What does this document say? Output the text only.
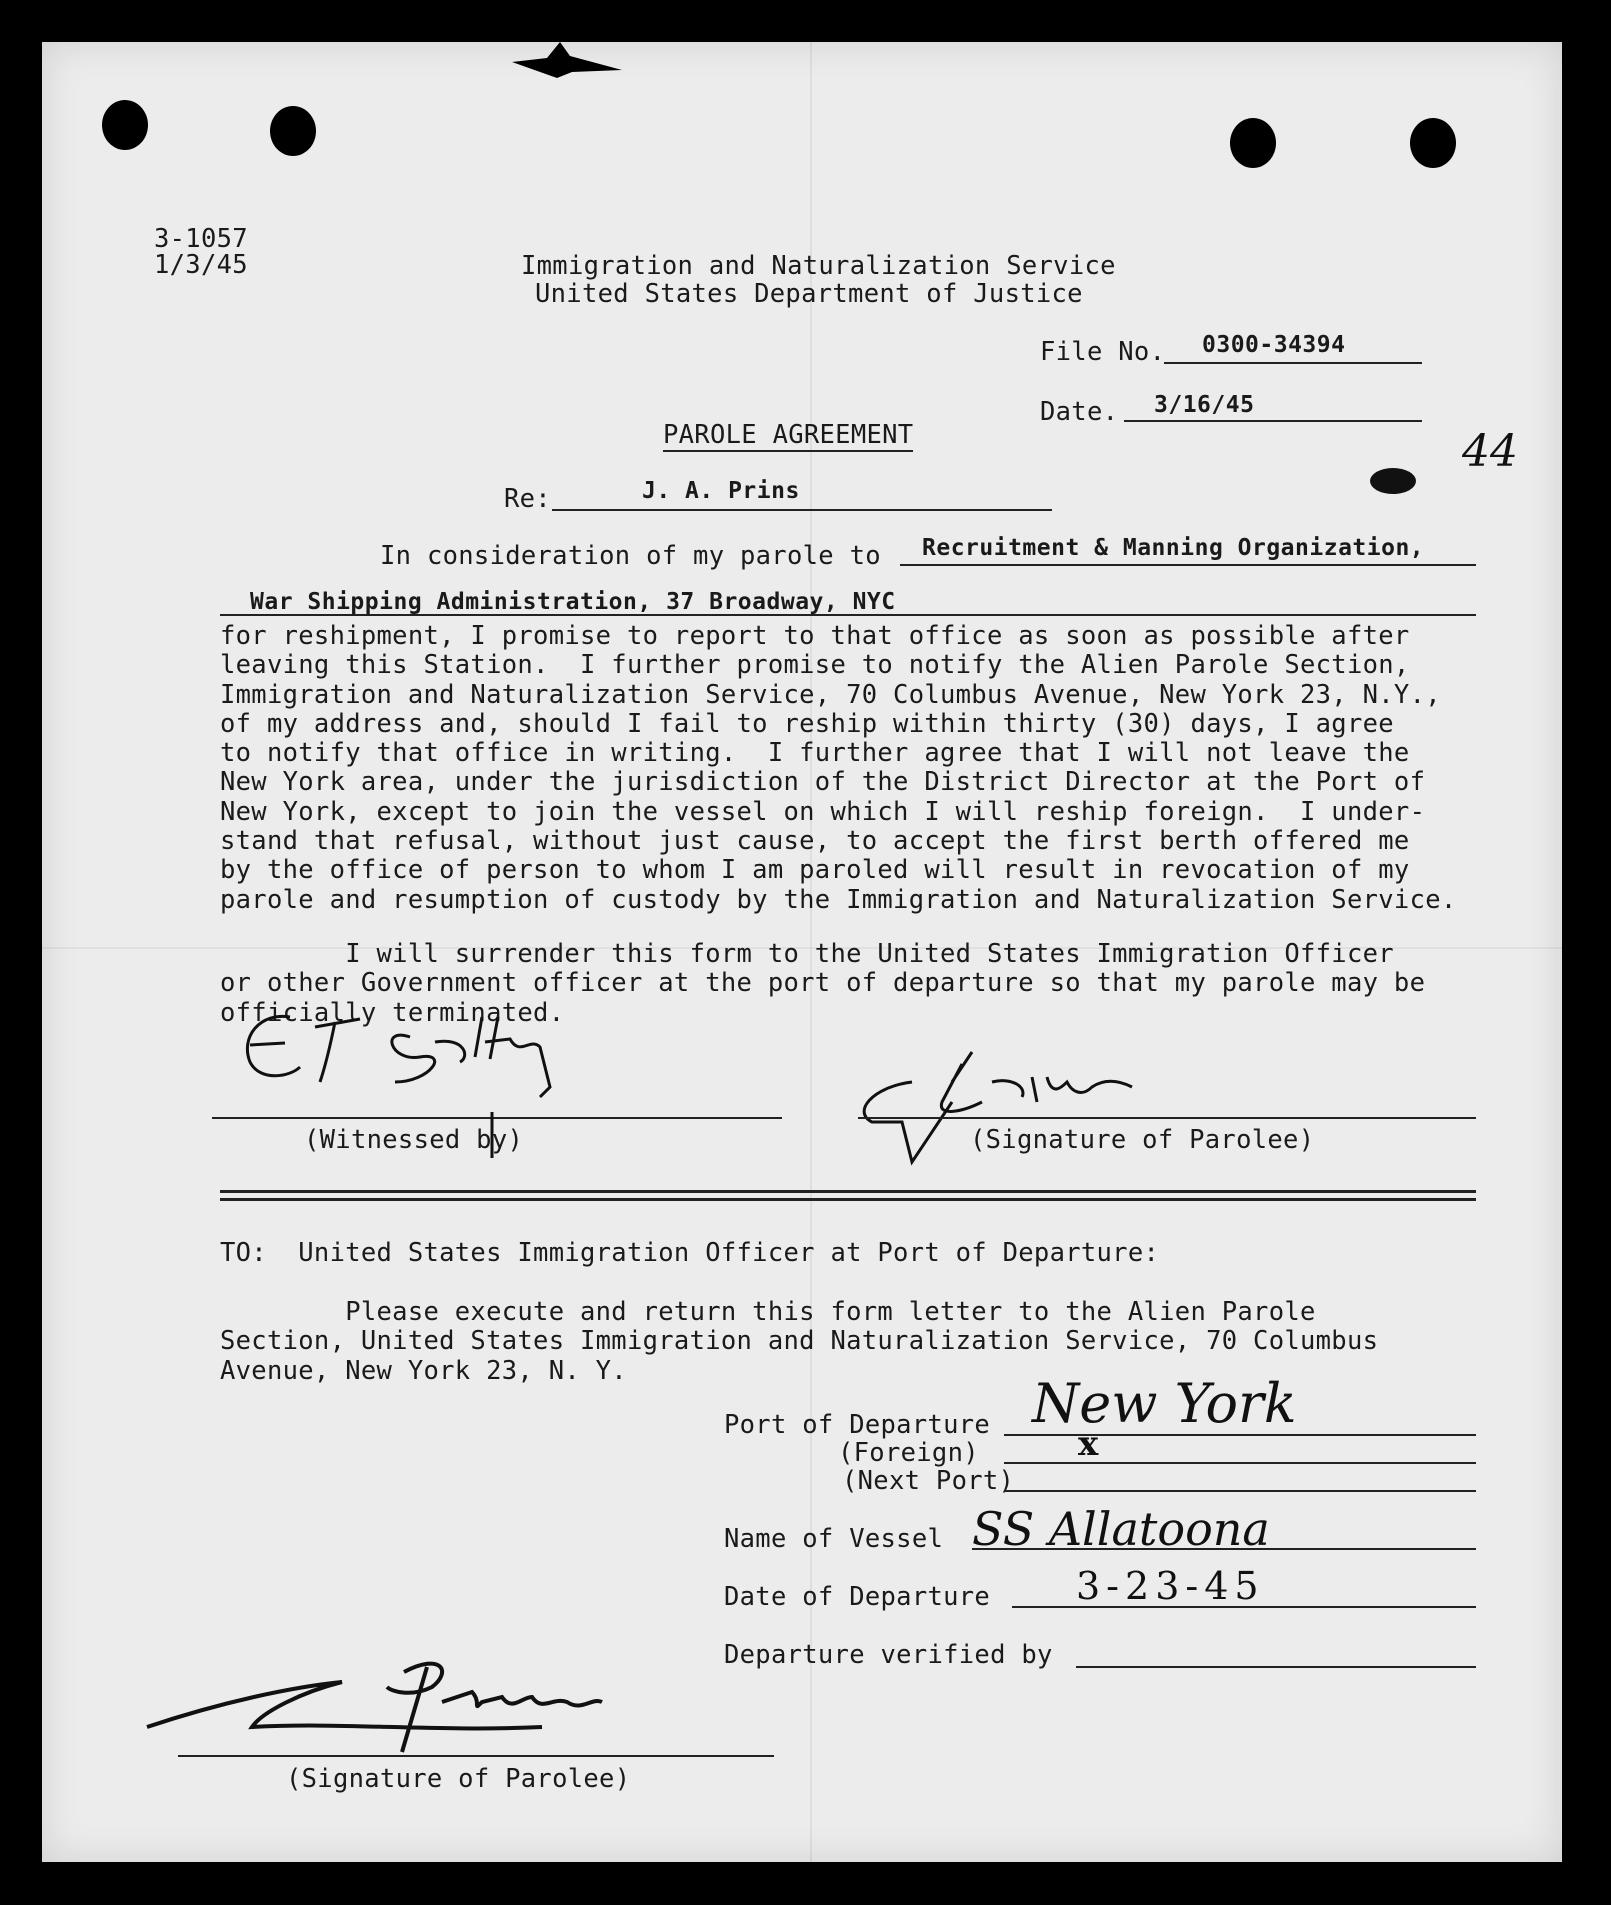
3-1057
1/3/45	Immigration and Naturalization Service
United States Department of Justice
File No. 0300-34394
Date. 3/16/45
44
PAROLE AGREEMENT
Re:	J. A. Prins
In consideration of my parole to Recruitment & Manning Organization,
War Shipping Administration, 37 Broadway, NYC
for reshipment, I promise to report to that office as soon as possible after
leaving this Station.  I further promise to notify the Alien Parole Section,
Immigration and Naturalization Service, 70 Columbus Avenue, New York 23, N.Y.,
of my address and, should I fail to reship within thirty (30) days, I agree
to notify that office in writing.  I further agree that I will not leave the
New York area, under the jurisdiction of the District Director at the Port of
New York, except to join the vessel on which I will reship foreign.  I under-
stand that refusal, without just cause, to accept the first berth offered me
by the office of person to whom I am paroled will result in revocation of my
parole and resumption of custody by the Immigration and Naturalization Service.
I will surrender this form to the United States Immigration Officer
or other Government officer at the port of departure so that my parole may be
officially terminated.
(Witnessed by)	(Signature of Parolee)
TO:  United States Immigration Officer at Port of Departure:
Please execute and return this form letter to the Alien Parole
Section, United States Immigration and Naturalization Service, 70 Columbus
Avenue, New York 23, N. Y.
Port of Departure New York
(Foreign)	x
(Next Port)
Name of Vessel SS Allatoona
Date of Departure 3-23-45
Departure verified by
(Signature of Parolee)
